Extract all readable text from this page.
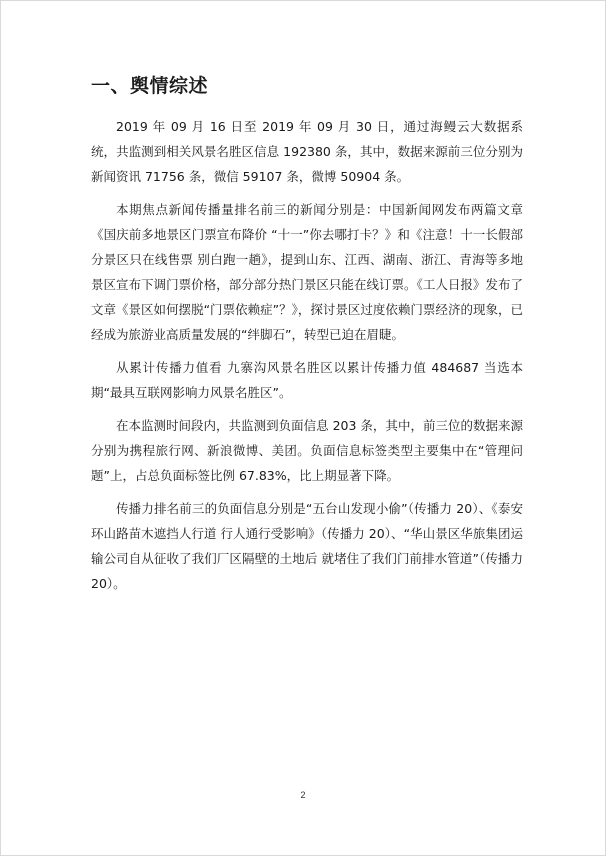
一、舆情综述

2019 年 09 月 16 日至 2019 年 09 月 30 日，通过海鳗云大数据系统，共监测到相关风景名胜区信息 192380 条，其中，数据来源前三位分别为新闻资讯 71756 条，微信 59107 条，微博 50904 条。

本期焦点新闻传播量排名前三的新闻分别是：中国新闻网发布两篇文章《国庆前多地景区门票宣布降价 “十一”你去哪打卡？》和《注意！十一长假部分景区只在线售票 别白跑一趟》，提到山东、江西、湖南、浙江、青海等多地景区宣布下调门票价格，部分部分热门景区只能在线订票。《工人日报》发布了文章《景区如何摆脱“门票依赖症”？》，探讨景区过度依赖门票经济的现象，已经成为旅游业高质量发展的“绊脚石”，转型已迫在眉睫。

从累计传播力值看 九寨沟风景名胜区以累计传播力值 484687 当选本期“最具互联网影响力风景名胜区”。

在本监测时间段内，共监测到负面信息 203 条，其中，前三位的数据来源分别为携程旅行网、新浪微博、美团。负面信息标签类型主要集中在“管理问题”上，占总负面标签比例 67.83%，比上期显著下降。

传播力排名前三的负面信息分别是“五台山发现小偷”（传播力 20）、《泰安环山路苗木遮挡人行道 行人通行受影响》（传播力 20）、“华山景区华旅集团运输公司自从征收了我们厂区隔壁的土地后 就堵住了我们门前排水管道”（传播力 20）。

2
